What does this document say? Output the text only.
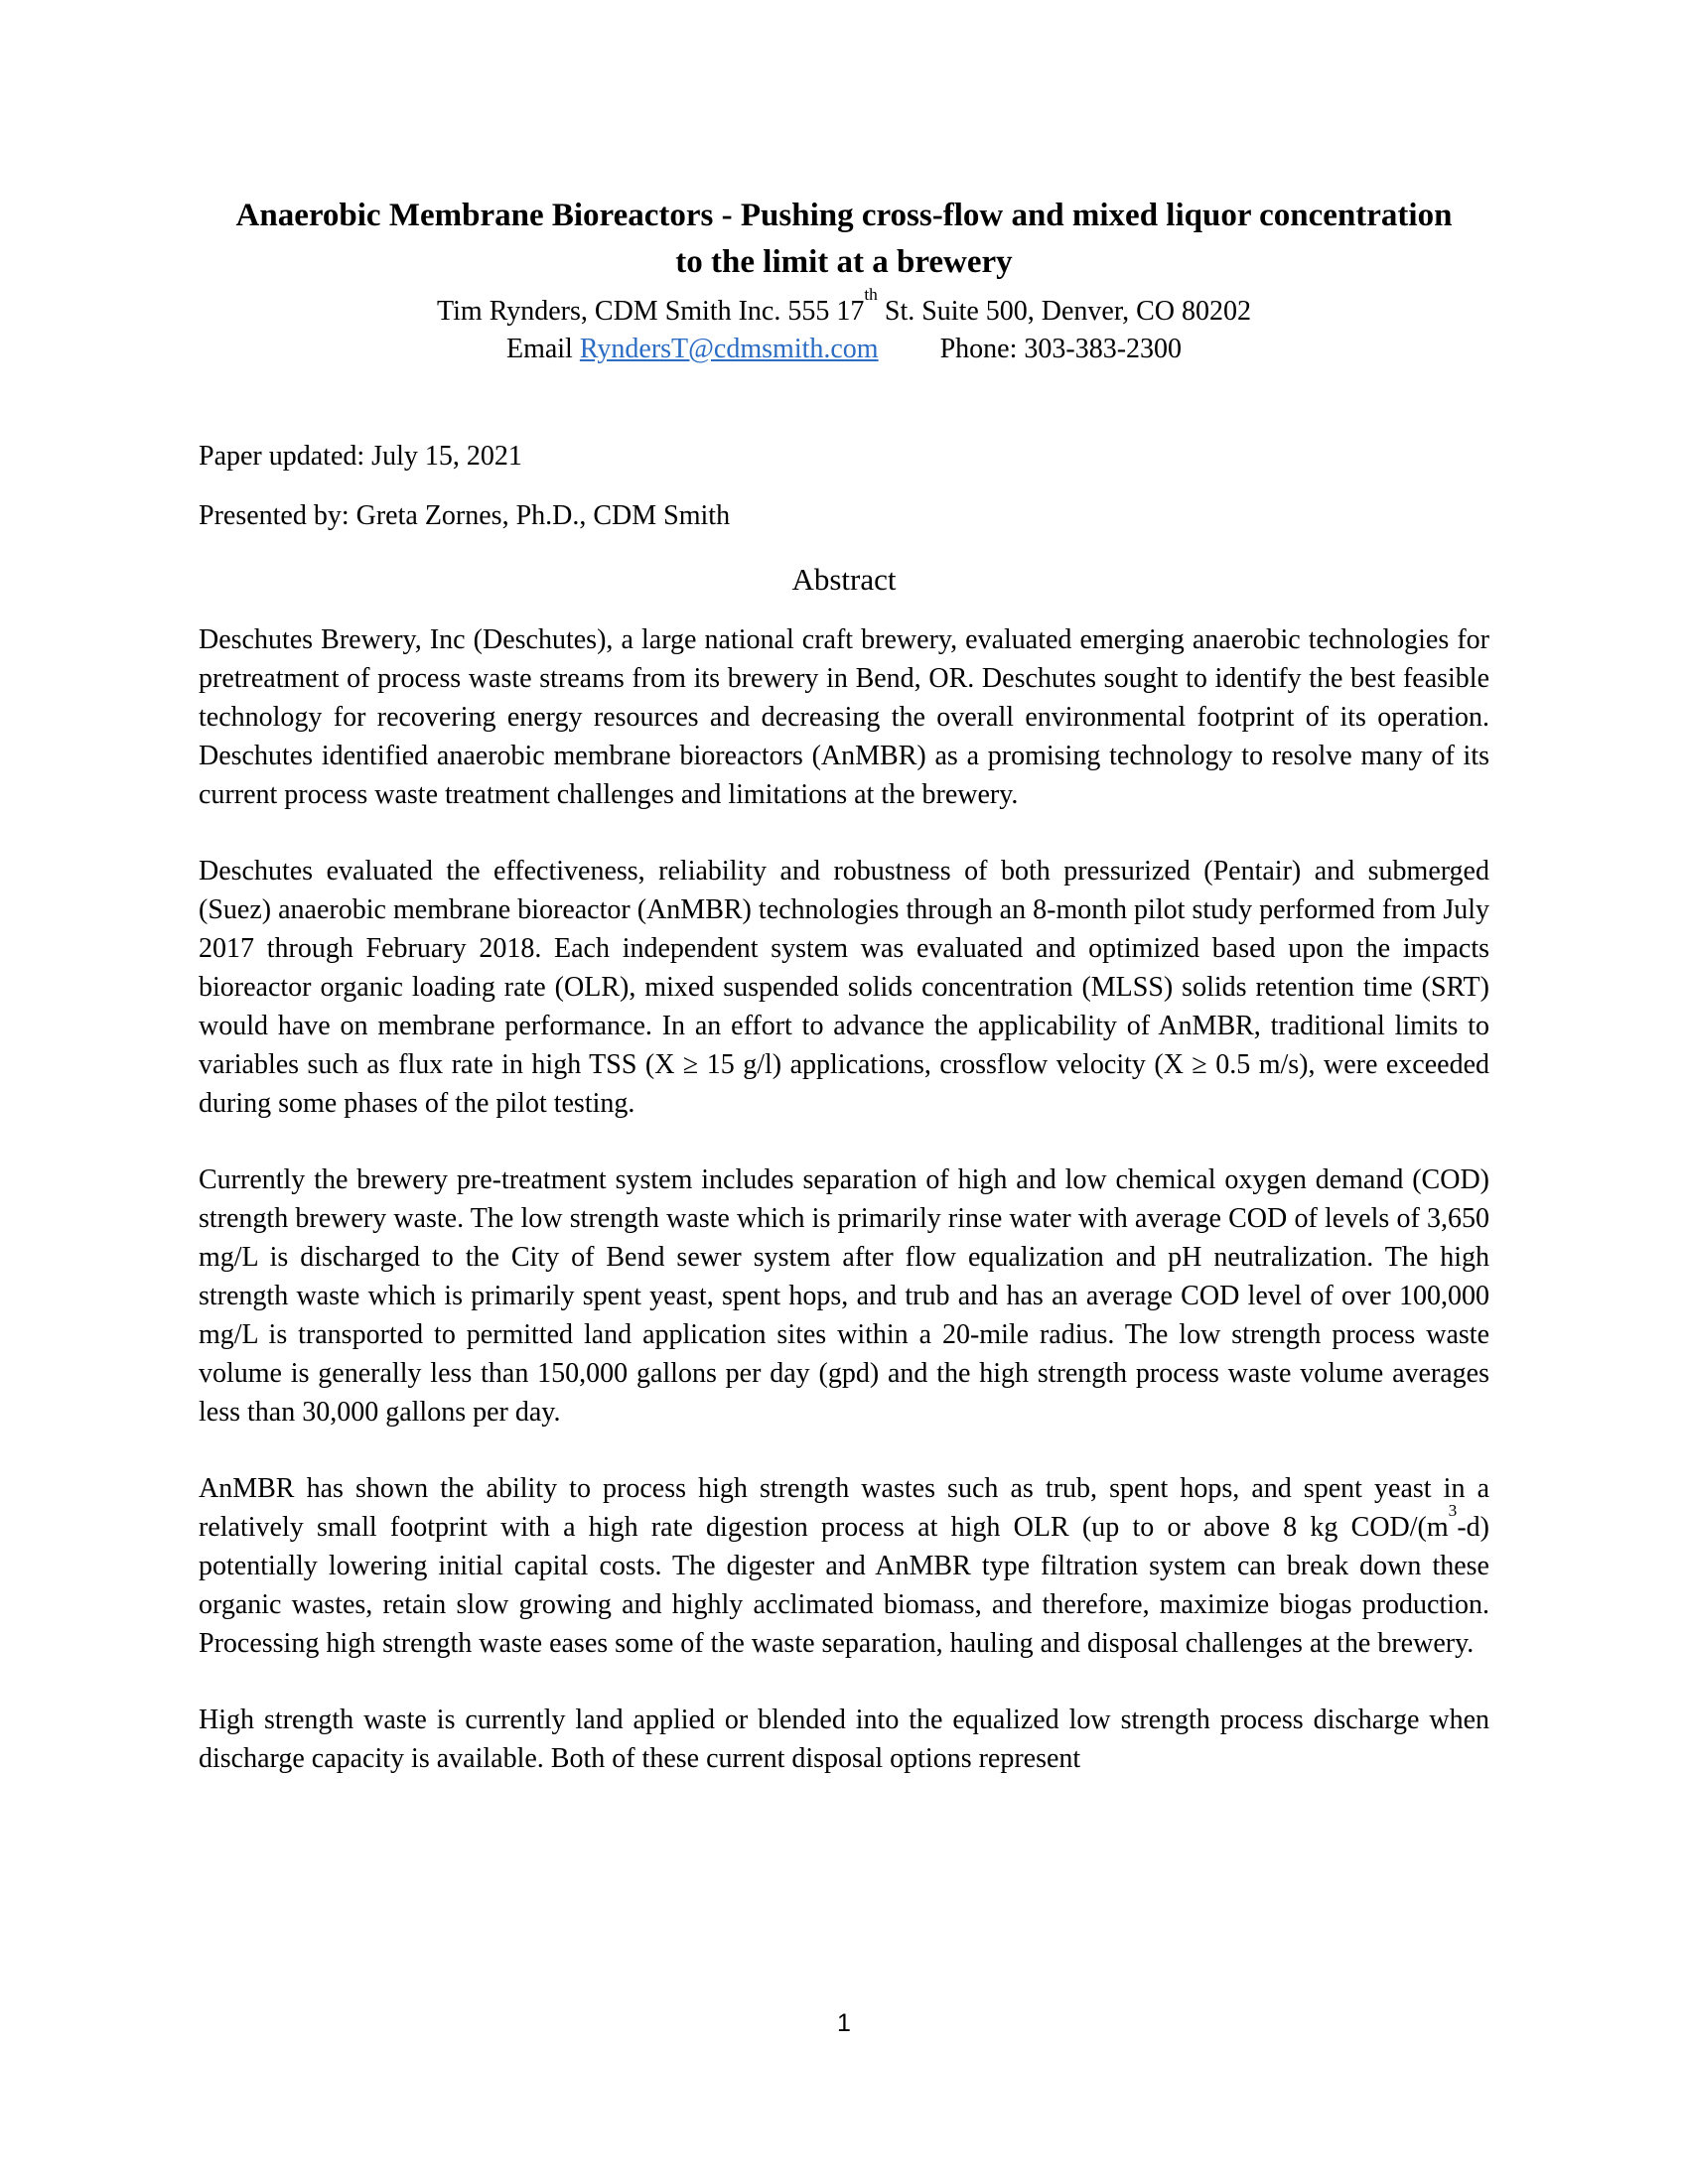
Anaerobic Membrane Bioreactors - Pushing cross-flow and mixed liquor concentration to the limit at a brewery
Tim Rynders, CDM Smith Inc. 555 17th St. Suite 500, Denver, CO 80202
Email RyndersT@cdmsmith.com Phone: 303-383-2300
Paper updated: July 15, 2021
Presented by: Greta Zornes, Ph.D., CDM Smith
Abstract

Deschutes Brewery, Inc (Deschutes), a large national craft brewery, evaluated emerging anaerobic technologies for pretreatment of process waste streams from its brewery in Bend, OR. Deschutes sought to identify the best feasible technology for recovering energy resources and decreasing the overall environmental footprint of its operation. Deschutes identified anaerobic membrane bioreactors (AnMBR) as a promising technology to resolve many of its current process waste treatment challenges and limitations at the brewery.

Deschutes evaluated the effectiveness, reliability and robustness of both pressurized (Pentair) and submerged (Suez) anaerobic membrane bioreactor (AnMBR) technologies through an 8-month pilot study performed from July 2017 through February 2018. Each independent system was evaluated and optimized based upon the impacts bioreactor organic loading rate (OLR), mixed suspended solids concentration (MLSS) solids retention time (SRT) would have on membrane performance. In an effort to advance the applicability of AnMBR, traditional limits to variables such as flux rate in high TSS (X ≥ 15 g/l) applications, crossflow velocity (X ≥ 0.5 m/s), were exceeded during some phases of the pilot testing.

Currently the brewery pre-treatment system includes separation of high and low chemical oxygen demand (COD) strength brewery waste. The low strength waste which is primarily rinse water with average COD of levels of 3,650 mg/L is discharged to the City of Bend sewer system after flow equalization and pH neutralization. The high strength waste which is primarily spent yeast, spent hops, and trub and has an average COD level of over 100,000 mg/L is transported to permitted land application sites within a 20-mile radius. The low strength process waste volume is generally less than 150,000 gallons per day (gpd) and the high strength process waste volume averages less than 30,000 gallons per day.

AnMBR has shown the ability to process high strength wastes such as trub, spent hops, and spent yeast in a relatively small footprint with a high rate digestion process at high OLR (up to or above 8 kg COD/$(m^3-d)$ potentially lowering initial capital costs. The digester and AnMBR type filtration system can break down these organic wastes, retain slow growing and highly acclimated biomass, and therefore, maximize biogas production. Processing high strength waste eases some of the waste separation, hauling and disposal challenges at the brewery.

High strength waste is currently land applied or blended into the equalized low strength process discharge when discharge capacity is available. Both of these current disposal options represent

1
